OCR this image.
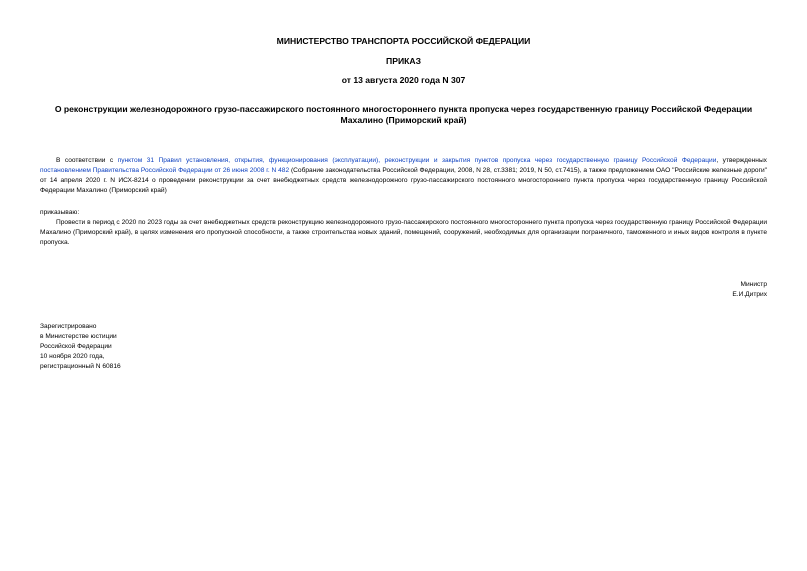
МИНИСТЕРСТВО ТРАНСПОРТА РОССИЙСКОЙ ФЕДЕРАЦИИ
ПРИКАЗ
от 13 августа 2020 года N 307
О реконструкции железнодорожного грузо-пассажирского постоянного многостороннего пункта пропуска через государственную границу Российской Федерации Махалино (Приморский край)
В соответствии с пунктом 31 Правил установления, открытия, функционирования (эксплуатации), реконструкции и закрытия пунктов пропуска через государственную границу Российской Федерации, утвержденных постановлением Правительства Российской Федерации от 26 июня 2008 г. N 482 (Собрание законодательства Российской Федерации, 2008, N 28, ст.3381; 2019, N 50, ст.7415), а также предложением ОАО "Российские железные дороги" от 14 апреля 2020 г. N ИСХ-8214 о проведении реконструкции за счет внебюджетных средств железнодорожного грузо-пассажирского постоянного многостороннего пункта пропуска через государственную границу Российской Федерации Махалино (Приморский край)
приказываю:
Провести в период с 2020 по 2023 годы за счет внебюджетных средств реконструкцию железнодорожного грузо-пассажирского постоянного многостороннего пункта пропуска через государственную границу Российской Федерации Махалино (Приморский край), в целях изменения его пропускной способности, а также строительства новых зданий, помещений, сооружений, необходимых для организации пограничного, таможенного и иных видов контроля в пункте пропуска.
Министр
Е.И.Дитрих
Зарегистрировано
в Министерстве юстиции
Российской Федерации
10 ноября 2020 года,
регистрационный N 60816
